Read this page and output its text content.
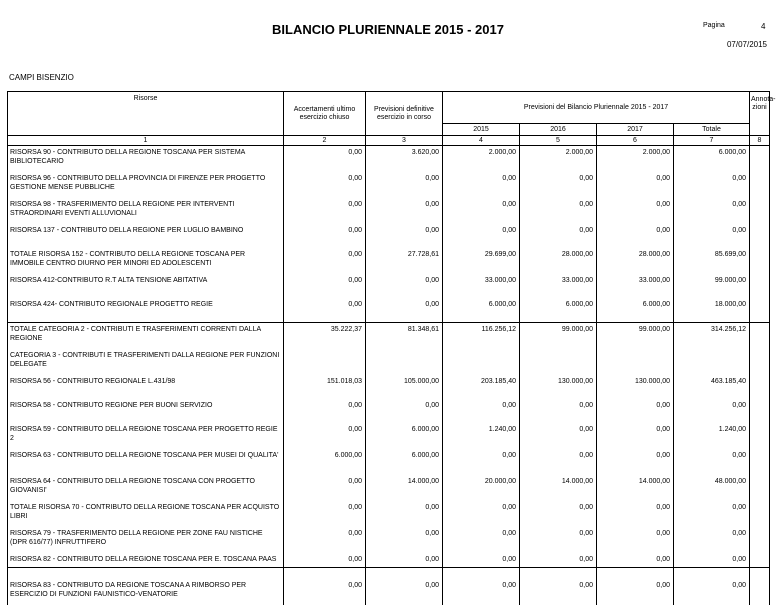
BILANCIO PLURIENNALE 2015 - 2017	Pagina	4
07/07/2015
CAMPI BISENZIO
Risorse	Accertamenti ultimo esercizio chiuso	Previsioni definitive esercizio in corso	Previsioni del Bilancio Pluriennale 2015 - 2017				Annota-zioni
			2015	2016	2017	Totale	
1	2	3	4	5	6	7	8
RISORSA 90 - CONTRIBUTO DELLA REGIONE TOSCANA PER SISTEMA BIBLIOTECARIO	0,00	3.620,00	2.000,00	2.000,00	2.000,00	6.000,00	
RISORSA 96 - CONTRIBUTO DELLA PROVINCIA DI FIRENZE PER PROGETTO GESTIONE MENSE PUBBLICHE	0,00	0,00	0,00	0,00	0,00	0,00	
RISORSA 98 - TRASFERIMENTO DELLA REGIONE PER INTERVENTI STRAORDINARI EVENTI ALLUVIONALI	0,00	0,00	0,00	0,00	0,00	0,00	
RISORSA 137 - CONTRIBUTO DELLA REGIONE PER LUGLIO BAMBINO	0,00	0,00	0,00	0,00	0,00	0,00	
TOTALE RISORSA 152 - CONTRIBUTO DELLA REGIONE TOSCANA PER IMMOBILE CENTRO DIURNO PER MINORI ED ADOLESCENTI	0,00	27.728,61	29.699,00	28.000,00	28.000,00	85.699,00	
RISORSA 412-CONTRIBUTO R.T ALTA TENSIONE ABITATIVA	0,00	0,00	33.000,00	33.000,00	33.000,00	99.000,00	
RISORSA 424- CONTRIBUTO REGIONALE PROGETTO REGIE	0,00	0,00	6.000,00	6.000,00	6.000,00	18.000,00	
TOTALE CATEGORIA 2 - CONTRIBUTI E TRASFERIMENTI CORRENTI DALLA REGIONE	35.222,37	81.348,61	116.256,12	99.000,00	99.000,00	314.256,12	
CATEGORIA 3 - CONTRIBUTI E TRASFERIMENTI DALLA REGIONE PER FUNZIONI DELEGATE							
RISORSA 56 - CONTRIBUTO REGIONALE L.431/98	151.018,03	105.000,00	203.185,40	130.000,00	130.000,00	463.185,40	
RISORSA 58 - CONTRIBUTO REGIONE PER BUONI SERVIZIO	0,00	0,00	0,00	0,00	0,00	0,00	
RISORSA 59 - CONTRIBUTO DELLA REGIONE TOSCANA PER PROGETTO REGIE 2	0,00	6.000,00	1.240,00	0,00	0,00	1.240,00	
RISORSA 63 - CONTRIBUTO DELLA REGIONE TOSCANA PER MUSEI DI QUALITA'	6.000,00	6.000,00	0,00	0,00	0,00	0,00	
RISORSA 64 - CONTRIBUTO DELLA REGIONE TOSCANA CON PROGETTO GIOVANISI'	0,00	14.000,00	20.000,00	14.000,00	14.000,00	48.000,00	
TOTALE RISORSA 70 - CONTRIBUTO DELLA REGIONE TOSCANA PER ACQUISTO LIBRI	0,00	0,00	0,00	0,00	0,00	0,00	
RISORSA 79 - TRASFERIMENTO DELLA REGIONE PER ZONE FAU NISTICHE (DPR 616/77) INFRUTTIFERO	0,00	0,00	0,00	0,00	0,00	0,00	
RISORSA 82 - CONTRIBUTO DELLA REGIONE TOSCANA PER E. TOSCANA PAAS	0,00	0,00	0,00	0,00	0,00	0,00	
RISORSA 83 - CONTRIBUTO DA REGIONE TOSCANA A RIMBORSO PER ESERCIZIO DI FUNZIONI FAUNISTICO-VENATORIE	0,00	0,00	0,00	0,00	0,00	0,00	
